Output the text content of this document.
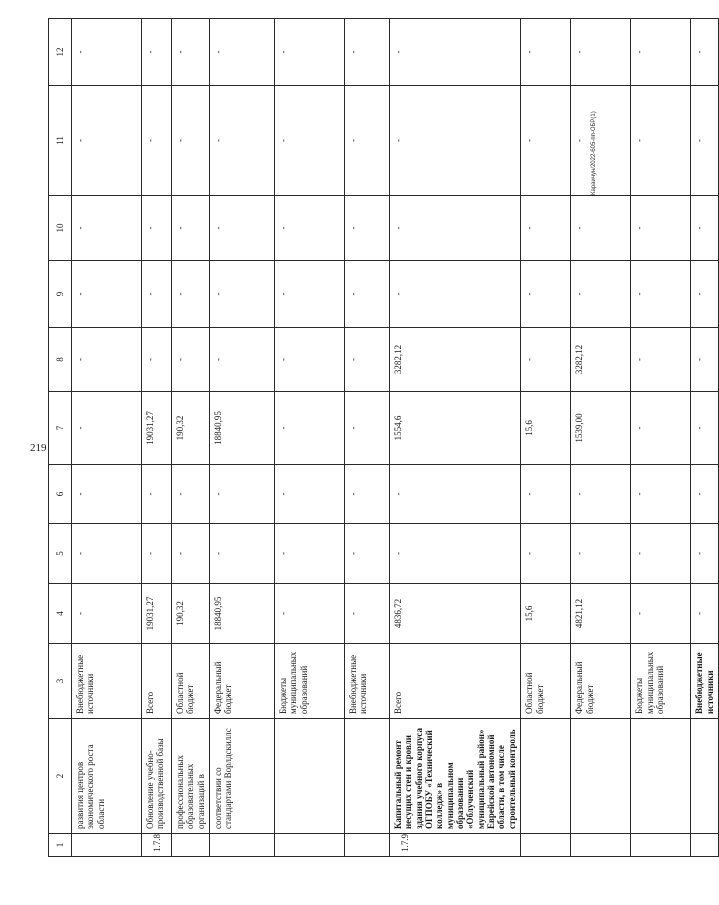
219
Караичун/2022-605-пп-ОБР(1)
1	2	3	4	5	6	7	8	9	10	11	12
	развития центров экономического роста области	Внебюджетные источники	-	-	-	-	-	-	-	-	-
1.7.8	Обновление учебно-производственной базы	Всего	19031,27	-	-	19031,27	-	-	-	-	-
	профессиональных образовательных организаций в	Областной бюджет	190,32	-	-	190,32	-	-	-	-	-
	соответствии со стандартами Ворлдскиллс	Федеральный бюджет	18840,95	-	-	18840,95	-	-	-	-	-
		Бюджеты муниципальных образований	-	-	-	-	-	-	-	-	-
		Внебюджетные источники	-	-	-	-	-	-	-	-	-
1.7.9	Капитальный ремонт несущих стен и кровли здания учебного корпуса ОГПОБУ «Технический колледж» в муниципальном образовании «Облученский муниципальный район» Еврейской автономной области, в том числе строительный контроль	Всего	4836,72	-	-	1554,6	3282,12	-	-	-	-
		Областной бюджет	15,6	-	-	15,6	-	-	-	-	-
		Федеральный бюджет	4821,12	-	-	1539,00	3282,12	-	-	-	-
		Бюджеты муниципальных образований	-	-	-	-	-	-	-	-	-
		Внебюджетные источники	-	-	-	-	-	-	-	-	-
